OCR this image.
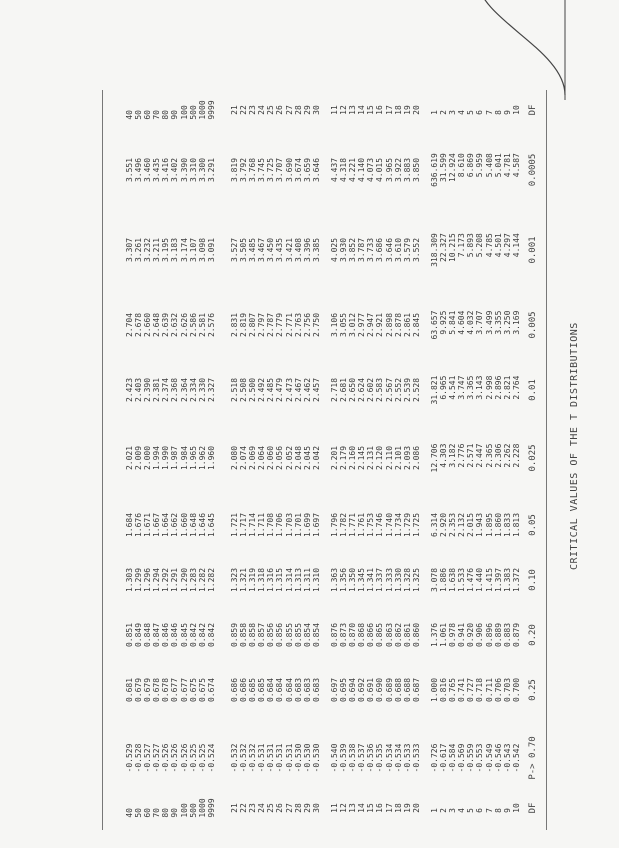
CRITICAL VALUES OF THE T DISTRIBUTIONS
DF
P-> 0.70
0.25
0.20
0.10
0.05
0.025
0.01
0.005
0.001
0.0005
DF
1
2
3
4
5
6
7
8
9
10
1
2
3
4
5
6
7
8
9
10
-0.726
-0.617
-0.584
-0.569
-0.559
-0.553
-0.549
-0.546
-0.543
-0.542
1.000
0.816
0.765
0.741
0.727
0.718
0.711
0.706
0.703
0.700
1.376
1.061
0.978
0.941
0.920
0.906
0.896
0.889
0.883
0.879
3.078
1.886
1.638
1.533
1.476
1.440
1.415
1.397
1.383
1.372
6.314
2.920
2.353
2.132
2.015
1.943
1.895
1.860
1.833
1.813
12.706
4.303
3.182
2.776
2.571
2.447
2.365
2.306
2.262
2.228
31.821
6.965
4.541
3.747
3.365
3.143
2.998
2.896
2.821
2.764
63.657
9.925
5.841
4.604
4.032
3.707
3.499
3.355
3.250
3.169
318.309
22.327
10.215
7.173
5.893
5.208
4.785
4.501
4.297
4.144
636.619
31.599
12.924
8.610
6.869
5.959
5.408
5.041
4.781
4.587
11
12
13
14
15
16
17
18
19
20
11
12
13
14
15
16
17
18
19
20
-0.540
-0.539
-0.538
-0.537
-0.536
-0.535
-0.534
-0.534
-0.533
-0.533
0.697
0.695
0.694
0.692
0.691
0.690
0.689
0.688
0.688
0.687
0.876
0.873
0.870
0.868
0.866
0.865
0.863
0.862
0.861
0.860
1.363
1.356
1.350
1.345
1.341
1.337
1.333
1.330
1.328
1.325
1.796
1.782
1.771
1.761
1.753
1.746
1.740
1.734
1.729
1.725
2.201
2.179
2.160
2.145
2.131
2.120
2.110
2.101
2.093
2.086
2.718
2.681
2.650
2.624
2.602
2.583
2.567
2.552
2.539
2.528
3.106
3.055
3.012
2.977
2.947
2.921
2.898
2.878
2.861
2.845
4.025
3.930
3.852
3.787
3.733
3.686
3.646
3.610
3.579
3.552
4.437
4.318
4.221
4.140
4.073
4.015
3.965
3.922
3.883
3.850
21
22
23
24
25
26
27
28
29
30
21
22
23
24
25
26
27
28
29
30
-0.532
-0.532
-0.532
-0.531
-0.531
-0.531
-0.531
-0.530
-0.530
-0.530
0.686
0.686
0.685
0.685
0.684
0.684
0.684
0.683
0.683
0.683
0.859
0.858
0.858
0.857
0.856
0.856
0.855
0.855
0.854
0.854
1.323
1.321
1.319
1.318
1.316
1.315
1.314
1.313
1.311
1.310
1.721
1.717
1.714
1.711
1.708
1.706
1.703
1.701
1.699
1.697
2.080
2.074
2.069
2.064
2.060
2.056
2.052
2.048
2.045
2.042
2.518
2.508
2.500
2.492
2.485
2.479
2.473
2.467
2.462
2.457
2.831
2.819
2.807
2.797
2.787
2.779
2.771
2.763
2.756
2.750
3.527
3.505
3.485
3.467
3.450
3.435
3.421
3.408
3.396
3.385
3.819
3.792
3.768
3.745
3.725
3.707
3.690
3.674
3.659
3.646
40
50
60
70
80
90
100
500
1000
9999
40
50
60
70
80
90
100
500
1000
9999
-0.529
-0.528
-0.527
-0.527
-0.526
-0.526
-0.526
-0.525
-0.525
-0.524
0.681
0.679
0.679
0.678
0.678
0.677
0.677
0.675
0.675
0.674
0.851
0.849
0.848
0.847
0.846
0.846
0.845
0.842
0.842
0.842
1.303
1.299
1.296
1.294
1.292
1.291
1.290
1.283
1.282
1.282
1.684
1.676
1.671
1.667
1.664
1.662
1.660
1.648
1.646
1.645
2.021
2.009
2.000
1.994
1.990
1.987
1.984
1.965
1.962
1.960
2.423
2.403
2.390
2.381
2.374
2.368
2.364
2.334
2.330
2.327
2.704
2.678
2.660
2.648
2.639
2.632
2.626
2.586
2.581
2.576
3.307
3.261
3.232
3.211
3.195
3.183
3.174
3.107
3.098
3.091
3.551
3.496
3.460
3.435
3.416
3.402
3.390
3.310
3.300
3.291
